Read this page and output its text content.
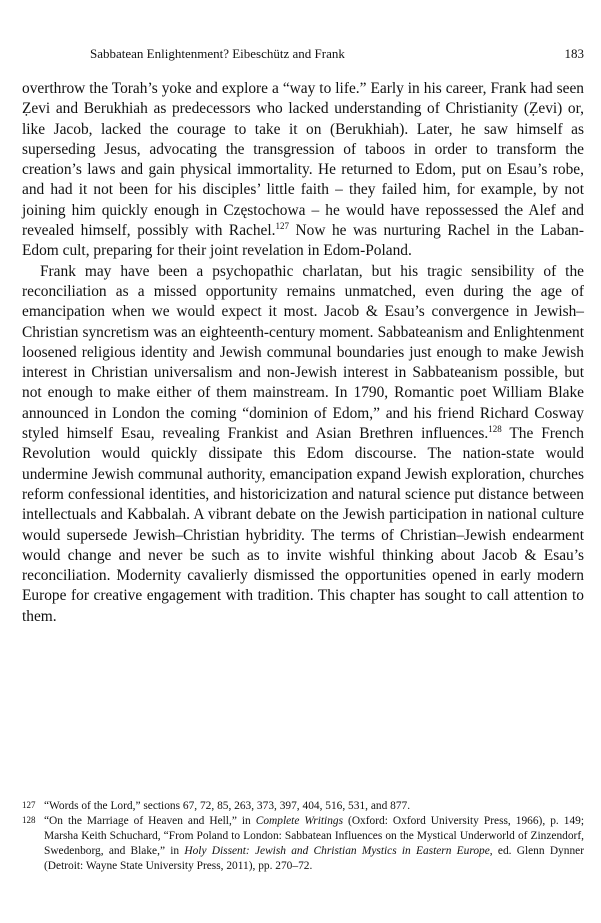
Sabbatean Enlightenment? Eibeschütz and Frank	183

overthrow the Torah’s yoke and explore a “way to life.” Early in his career, Frank had seen Ẓevi and Berukhiah as predecessors who lacked understanding of Christianity (Ẓevi) or, like Jacob, lacked the courage to take it on (Berukhiah). Later, he saw himself as superseding Jesus, advocating the transgression of taboos in order to transform the creation’s laws and gain physical immortality. He returned to Edom, put on Esau’s robe, and had it not been for his disciples’ little faith – they failed him, for example, by not joining him quickly enough in Częstochowa – he would have repossessed the Alef and revealed himself, possibly with Rachel.$^{127}$ Now he was nurturing Rachel in the Laban-Edom cult, preparing for their joint revelation in Edom-Poland.

Frank may have been a psychopathic charlatan, but his tragic sensibility of the reconciliation as a missed opportunity remains unmatched, even during the age of emancipation when we would expect it most. Jacob & Esau’s convergence in Jewish–Christian syncretism was an eighteenth-century moment. Sabbateanism and Enlightenment loosened religious identity and Jewish communal boundaries just enough to make Jewish interest in Christian universalism and non-Jewish interest in Sabbateanism possible, but not enough to make either of them mainstream. In 1790, Romantic poet William Blake announced in London the coming “dominion of Edom,” and his friend Richard Cosway styled himself Esau, revealing Frankist and Asian Brethren influences.$^{128}$ The French Revolution would quickly dissipate this Edom discourse. The nation-state would undermine Jewish communal authority, emancipation expand Jewish exploration, churches reform confessional identities, and historicization and natural science put distance between intellectuals and Kabbalah. A vibrant debate on the Jewish participation in national culture would supersede Jewish–Christian hybridity. The terms of Christian–Jewish endearment would change and never be such as to invite wishful thinking about Jacob & Esau’s reconciliation. Modernity cavalierly dismissed the opportunities opened in early modern Europe for creative engagement with tradition. This chapter has sought to call attention to them.

127 “Words of the Lord,” sections 67, 72, 85, 263, 373, 397, 404, 516, 531, and 877.

128 “On the Marriage of Heaven and Hell,” in Complete Writings (Oxford: Oxford University Press, 1966), p. 149; Marsha Keith Schuchard, “From Poland to London: Sabbatean Influences on the Mystical Underworld of Zinzendorf, Swedenborg, and Blake,” in Holy Dissent: Jewish and Christian Mystics in Eastern Europe, ed. Glenn Dynner (Detroit: Wayne State University Press, 2011), pp. 270–72.
